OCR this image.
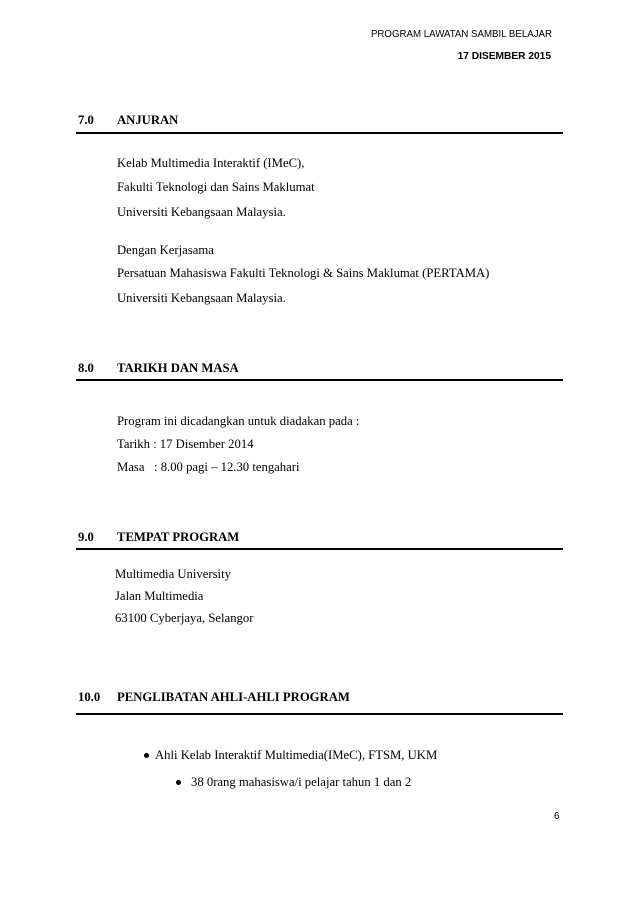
PROGRAM LAWATAN SAMBIL BELAJAR
17 DISEMBER 2015
7.0 ANJURAN
Kelab Multimedia Interaktif (IMeC),
Fakulti Teknologi dan Sains Maklumat
Universiti Kebangsaan Malaysia.
Dengan Kerjasama
Persatuan Mahasiswa Fakulti Teknologi & Sains Maklumat (PERTAMA)
Universiti Kebangsaan Malaysia.
8.0 TARIKH DAN MASA
Program ini dicadangkan untuk diadakan pada :
Tarikh : 17 Disember 2014
Masa   : 8.00 pagi – 12.30 tengahari
9.0 TEMPAT PROGRAM
Multimedia University
Jalan Multimedia
63100 Cyberjaya, Selangor
10.0 PENGLIBATAN AHLI-AHLI PROGRAM
Ahli Kelab Interaktif Multimedia(IMeC), FTSM, UKM
38 0rang mahasiswa/i pelajar tahun 1 dan 2
6
